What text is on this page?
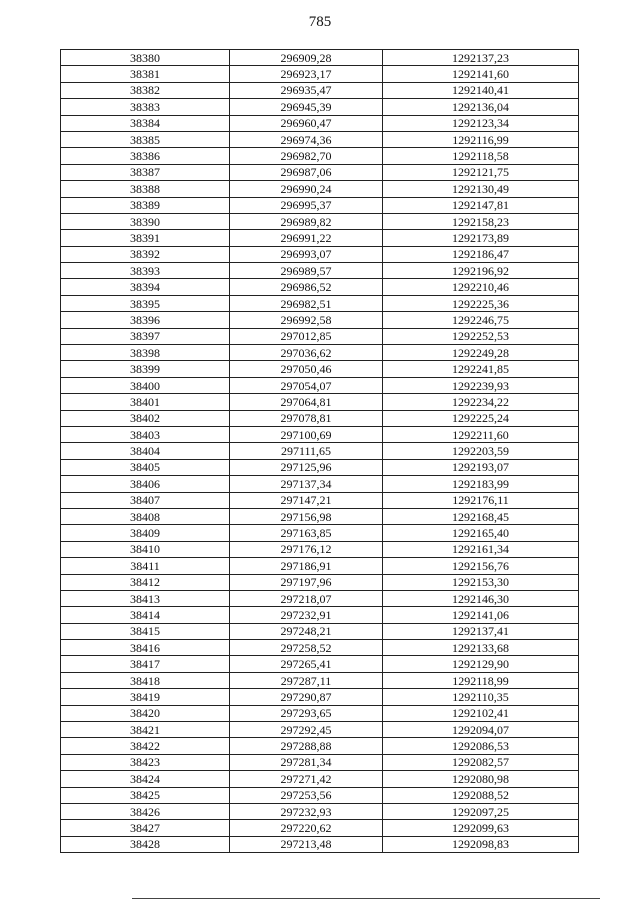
785
38380	296909,28	1292137,23
38381	296923,17	1292141,60
38382	296935,47	1292140,41
38383	296945,39	1292136,04
38384	296960,47	1292123,34
38385	296974,36	1292116,99
38386	296982,70	1292118,58
38387	296987,06	1292121,75
38388	296990,24	1292130,49
38389	296995,37	1292147,81
38390	296989,82	1292158,23
38391	296991,22	1292173,89
38392	296993,07	1292186,47
38393	296989,57	1292196,92
38394	296986,52	1292210,46
38395	296982,51	1292225,36
38396	296992,58	1292246,75
38397	297012,85	1292252,53
38398	297036,62	1292249,28
38399	297050,46	1292241,85
38400	297054,07	1292239,93
38401	297064,81	1292234,22
38402	297078,81	1292225,24
38403	297100,69	1292211,60
38404	297111,65	1292203,59
38405	297125,96	1292193,07
38406	297137,34	1292183,99
38407	297147,21	1292176,11
38408	297156,98	1292168,45
38409	297163,85	1292165,40
38410	297176,12	1292161,34
38411	297186,91	1292156,76
38412	297197,96	1292153,30
38413	297218,07	1292146,30
38414	297232,91	1292141,06
38415	297248,21	1292137,41
38416	297258,52	1292133,68
38417	297265,41	1292129,90
38418	297287,11	1292118,99
38419	297290,87	1292110,35
38420	297293,65	1292102,41
38421	297292,45	1292094,07
38422	297288,88	1292086,53
38423	297281,34	1292082,57
38424	297271,42	1292080,98
38425	297253,56	1292088,52
38426	297232,93	1292097,25
38427	297220,62	1292099,63
38428	297213,48	1292098,83
